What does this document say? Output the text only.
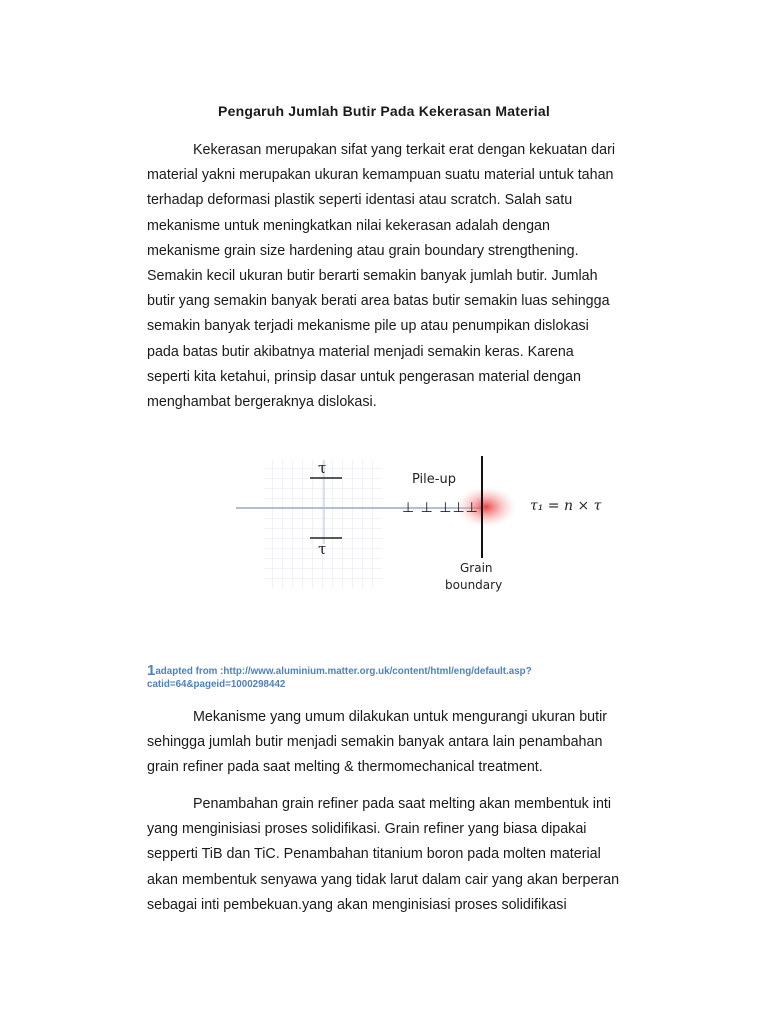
Pengaruh Jumlah Butir Pada Kekerasan Material
Kekerasan merupakan sifat yang terkait erat dengan kekuatan dari
material yakni merupakan ukuran kemampuan suatu material untuk tahan
terhadap deformasi plastik seperti identasi atau scratch. Salah satu
mekanisme untuk meningkatkan nilai kekerasan adalah dengan
mekanisme grain size hardening atau grain boundary strengthening.
Semakin kecil ukuran butir berarti semakin banyak jumlah butir. Jumlah
butir yang semakin banyak berati area batas butir semakin luas sehingga
semakin banyak terjadi mekanisme pile up atau penumpikan dislokasi
pada batas butir akibatnya material menjadi semakin keras. Karena
seperti kita ketahui, prinsip dasar untuk pengerasan material dengan
menghambat bergeraknya dislokasi.
τ
τ
Pile-up
⊥ ⊥ ⊥⊥⊥	τ₁ = n × τ
Grain
boundary
1adapted from :http://www.aluminium.matter.org.uk/content/html/eng/default.asp?
catid=64&pageid=1000298442
Mekanisme yang umum dilakukan untuk mengurangi ukuran butir
sehingga jumlah butir menjadi semakin banyak antara lain penambahan
grain refiner pada saat melting & thermomechanical treatment.
Penambahan grain refiner pada saat melting akan membentuk inti
yang menginisiasi proses solidifikasi. Grain refiner yang biasa dipakai
sepperti TiB dan TiC. Penambahan titanium boron pada molten material
akan membentuk senyawa yang tidak larut dalam cair yang akan berperan
sebagai inti pembekuan.yang akan menginisiasi proses solidifikasi
